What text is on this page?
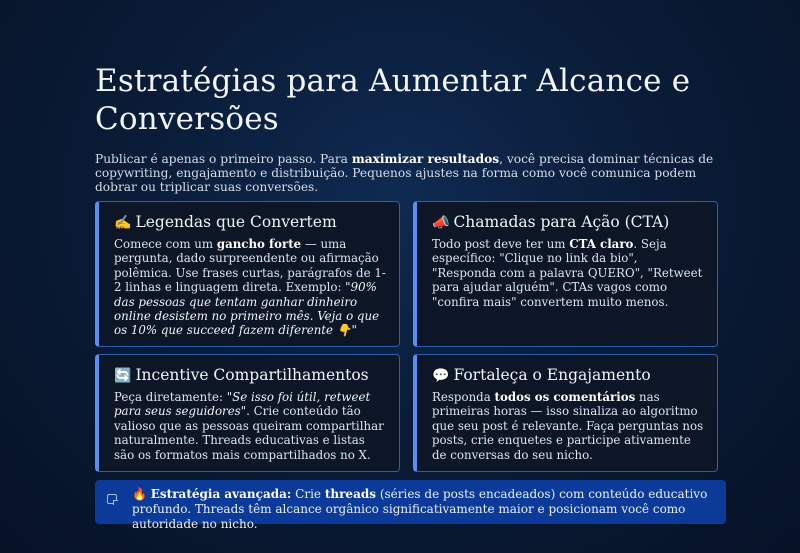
Estratégias para Aumentar Alcance e Conversões

Publicar é apenas o primeiro passo. Para maximizar resultados, você precisa dominar técnicas de copywriting, engajamento e distribuição. Pequenos ajustes na forma como você comunica podem dobrar ou triplicar suas conversões.

✍️ Legendas que Convertem
Comece com um gancho forte — uma pergunta, dado surpreendente ou afirmação polêmica. Use frases curtas, parágrafos de 1-2 linhas e linguagem direta. Exemplo: "90% das pessoas que tentam ganhar dinheiro online desistem no primeiro mês. Veja o que os 10% que succeed fazem diferente 👇"
📣 Chamadas para Ação (CTA)
Todo post deve ter um CTA claro. Seja específico: "Clique no link da bio", "Responda com a palavra QUERO", "Retweet para ajudar alguém". CTAs vagos como "confira mais" convertem muito menos.
🔄 Incentive Compartilhamentos
Peça diretamente: "Se isso foi útil, retweet para seus seguidores". Crie conteúdo tão valioso que as pessoas queiram compartilhar naturalmente. Threads educativas e listas são os formatos mais compartilhados no X.
💬 Fortaleça o Engajamento
Responda todos os comentários nas primeiras horas — isso sinaliza ao algoritmo que seu post é relevante. Faça perguntas nos posts, crie enquetes e participe ativamente de conversas do seu nicho.
🔥 Estratégia avançada: Crie threads (séries de posts encadeados) com conteúdo educativo profundo. Threads têm alcance orgânico significativamente maior e posicionam você como autoridade no nicho.
